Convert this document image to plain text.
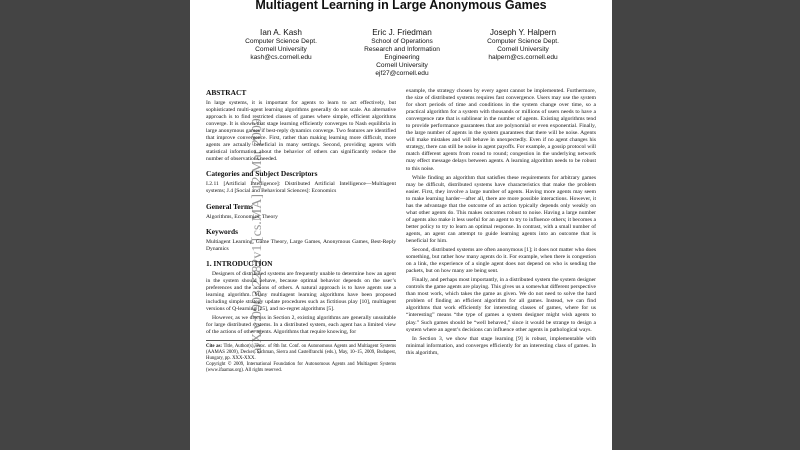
Multiagent Learning in Large Anonymous Games
Ian A. Kash
Computer Science Dept.
Cornell University
kash@cs.cornell.edu
Eric J. Friedman
School of Operations
Research and Information
Engineering
Cornell University
ejf27@cornell.edu
Joseph Y. Halpern
Computer Science Dept.
Cornell University
halpern@cs.cornell.edu
arXiv:0903.2282v1 [cs.MA] 12 Mar 2009
ABSTRACT

In large systems, it is important for agents to learn to act effectively, but sophisticated multi-agent learning algorithms generally do not scale. An alternative approach is to find restricted classes of games where simple, efficient algorithms converge. It is shown that stage learning efficiently converges to Nash equilibria in large anonymous games if best-reply dynamics converge. Two features are identified that improve convergence. First, rather than making learning more difficult, more agents are actually beneficial in many settings. Second, providing agents with statistical information about the behavior of others can significantly reduce the number of observations needed.

Categories and Subject Descriptors

I.2.11 [Artificial Intelligence]: Distributed Artificial Intelligence—Multiagent systems; J.4 [Social and Behavioral Sciences]: Economics

General Terms

Algorithms, Economics, Theory

Keywords

Multiagent Learning, Game Theory, Large Games, Anonymous Games, Best-Reply Dynamics

1. INTRODUCTION

Designers of distributed systems are frequently unable to determine how an agent in the system should behave, because optimal behavior depends on the user’s preferences and the actions of others. A natural approach is to have agents use a learning algorithm. Many multiagent learning algorithms have been proposed including simple strategy update procedures such as fictitious play [10], multiagent versions of Q-learning [25], and no-regret algorithms [5].

However, as we discuss in Section 2, existing algorithms are generally unsuitable for large distributed systems. In a distributed system, each agent has a limited view of the actions of other agents. Algorithms that require knowing, for

Cite as: Title, Author(s), Proc. of 8th Int. Conf. on Autonomous Agents and Multiagent Systems (AAMAS 2009), Decker, Sichman, Sierra and Castelfranchi (eds.), May, 10–15, 2009, Budapest, Hungary, pp. XXX-XXX.
Copyright © 2009, International Foundation for Autonomous Agents and Multiagent Systems (www.ifaamas.org). All rights reserved.

example, the strategy chosen by every agent cannot be implemented. Furthermore, the size of distributed systems requires fast convergence. Users may use the system for short periods of time and conditions in the system change over time, so a practical algorithm for a system with thousands or millions of users needs to have a convergence rate that is sublinear in the number of agents. Existing algorithms tend to provide performance guarantees that are polynomial or even exponential. Finally, the large number of agents in the system guarantees that there will be noise. Agents will make mistakes and will behave in unexpectedly. Even if no agent changes his strategy, there can still be noise in agent payoffs. For example, a gossip protocol will match different agents from round to round; congestion in the underlying network may effect message delays between agents. A learning algorithm needs to be robust to this noise.

While finding an algorithm that satisfies these requirements for arbitrary games may be difficult, distributed systems have characteristics that make the problem easier. First, they involve a large number of agents. Having more agents may seem to make learning harder—after all, there are more possible interactions. However, it has the advantage that the outcome of an action typically depends only weakly on what other agents do. This makes outcomes robust to noise. Having a large number of agents also make it less useful for an agent to try to influence others; it becomes a better policy to try to learn an optimal response. In contrast, with a small number of agents, an agent can attempt to guide learning agents into an outcome that is beneficial for him.

Second, distributed systems are often anonymous [1]; it does not matter who does something, but rather how many agents do it. For example, when there is congestion on a link, the experience of a single agent does not depend on who is sending the packets, but on how many are being sent.

Finally, and perhaps most importantly, in a distributed system the system designer controls the game agents are playing. This gives us a somewhat different perspective than most work, which takes the game as given. We do not need to solve the hard problem of finding an efficient algorithm for all games. Instead, we can find algorithms that work efficiently for interesting classes of games, where for us “interesting” means “the type of games a system designer might wish agents to play.” Such games should be “well behaved,” since it would be strange to design a system where an agent’s decisions can influence other agents in pathological ways.

In Section 3, we show that stage learning [9] is robust, implementable with minimal information, and converges efficiently for an interesting class of games. In this algorithm,
